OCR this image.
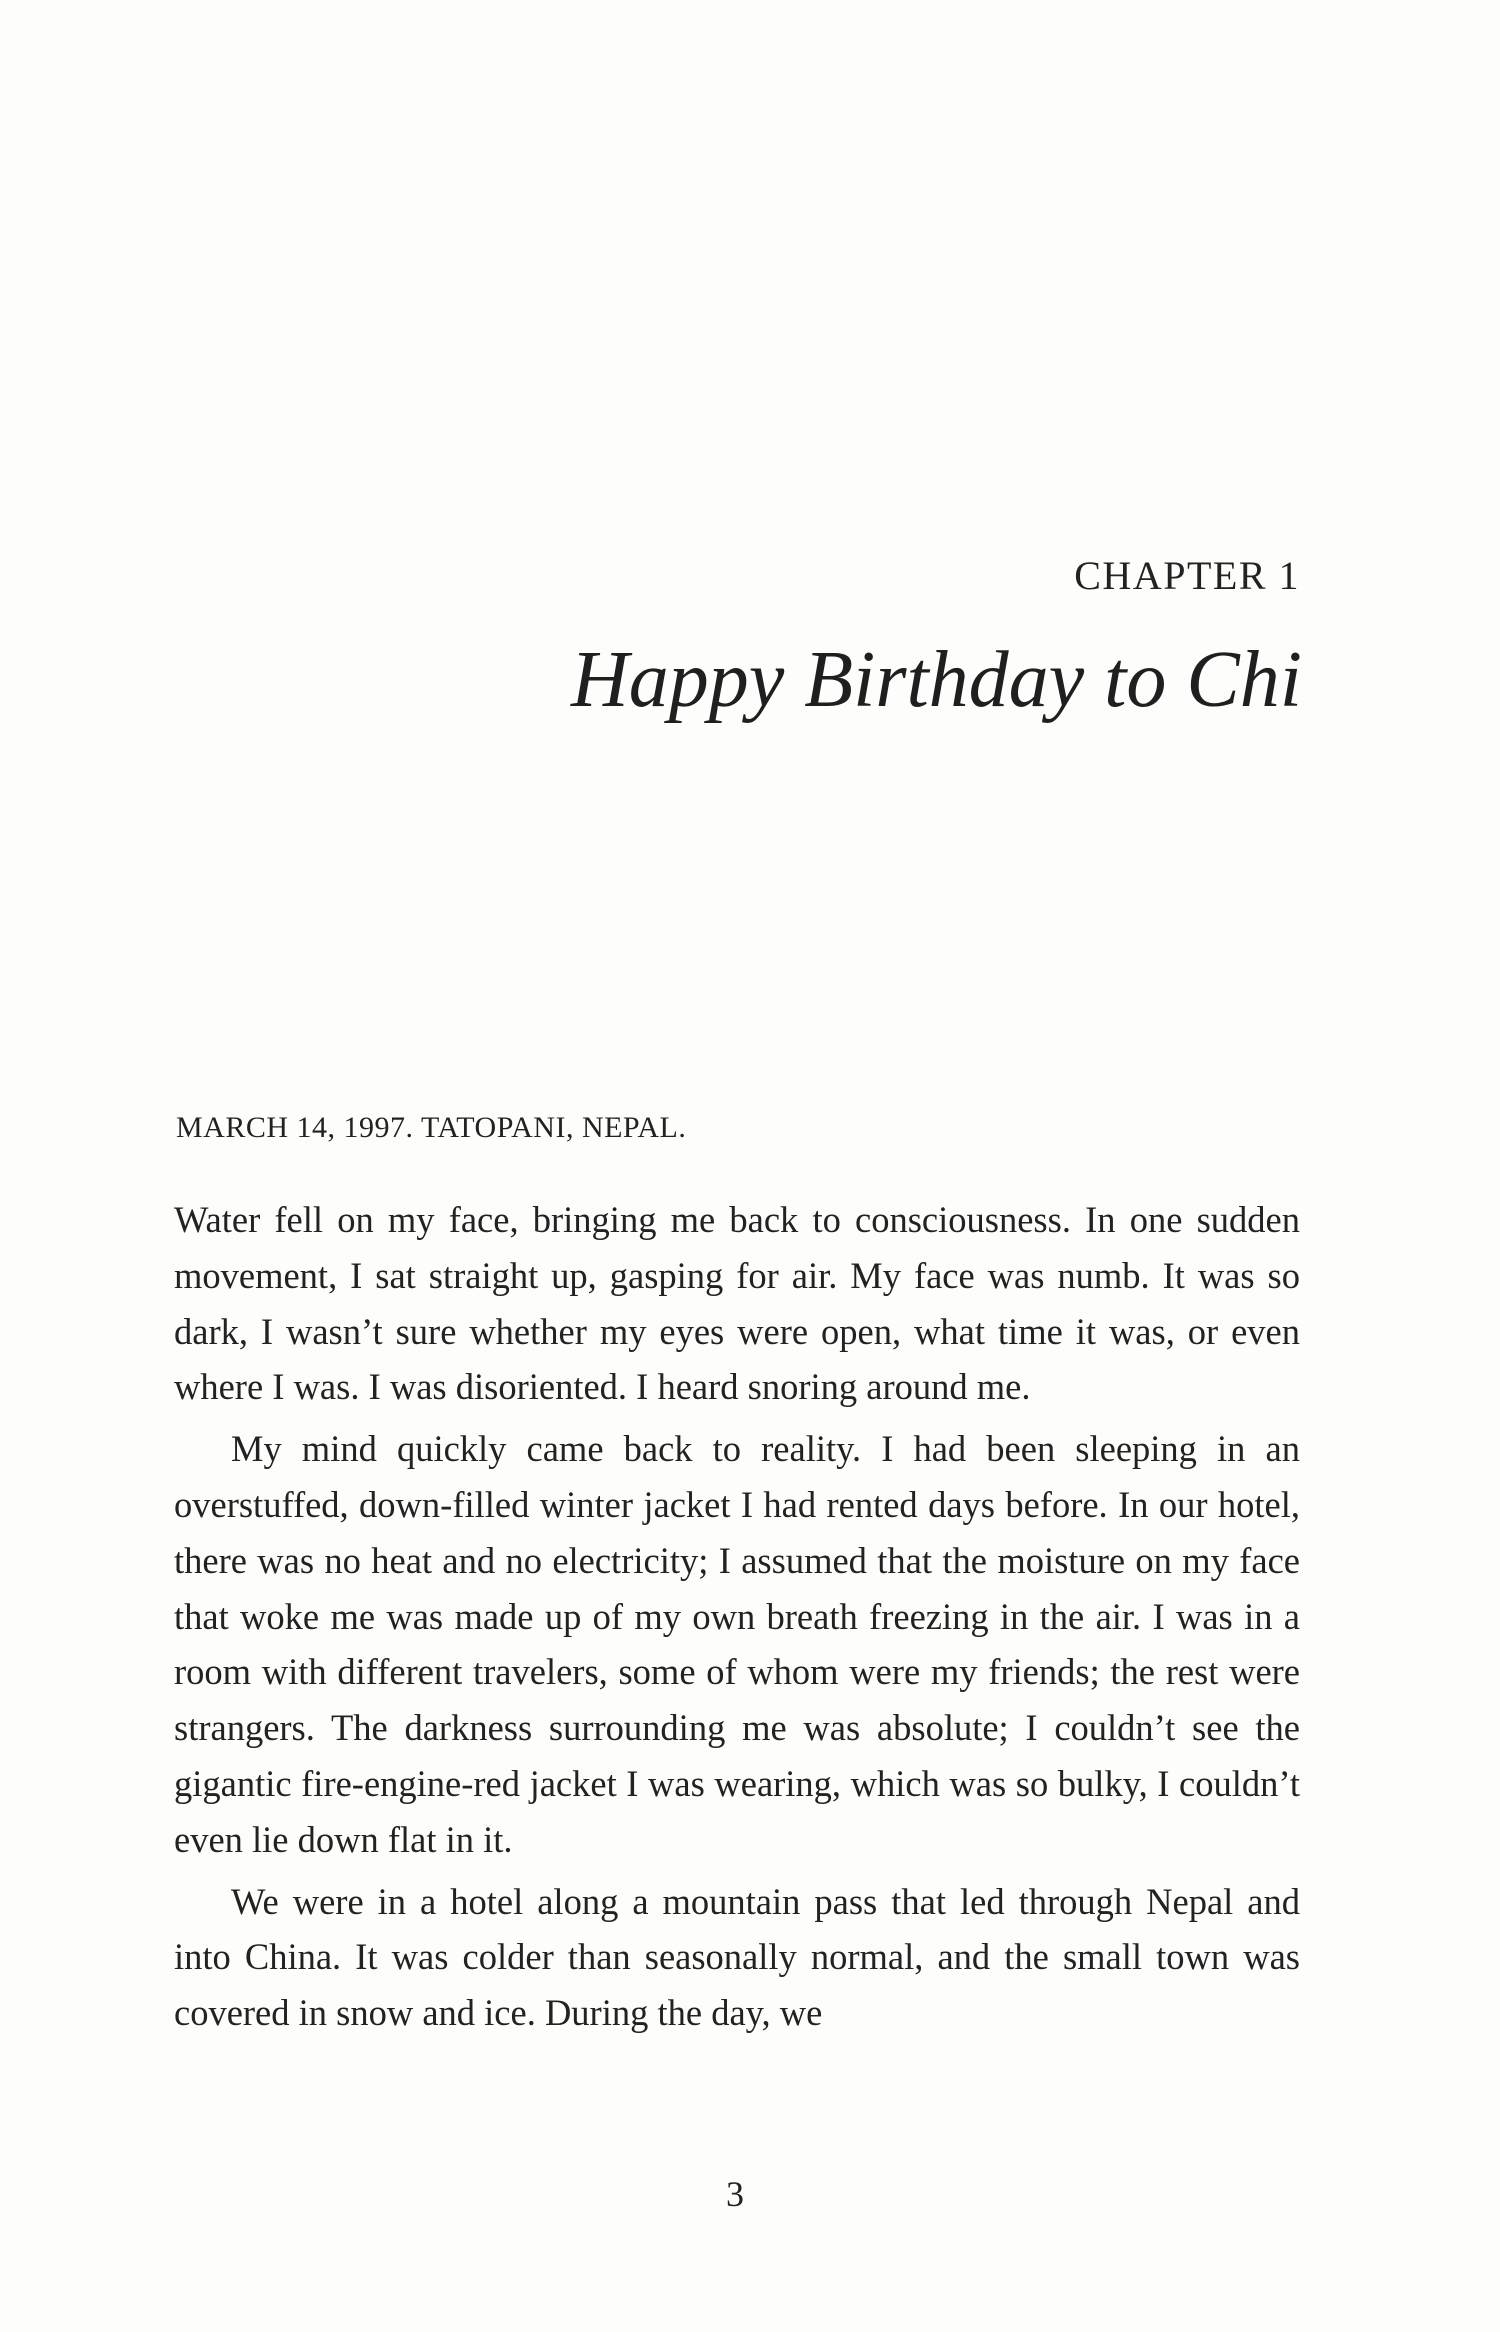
CHAPTER 1
Happy Birthday to Chi
MARCH 14, 1997. TATOPANI, NEPAL.

Water fell on my face, bringing me back to consciousness. In one sudden movement, I sat straight up, gasping for air. My face was numb. It was so dark, I wasn’t sure whether my eyes were open, what time it was, or even where I was. I was disoriented. I heard snoring around me.

My mind quickly came back to reality. I had been sleeping in an overstuffed, down-filled winter jacket I had rented days before. In our hotel, there was no heat and no electricity; I assumed that the moisture on my face that woke me was made up of my own breath freezing in the air. I was in a room with different travelers, some of whom were my friends; the rest were strangers. The darkness surrounding me was absolute; I couldn’t see the gigantic fire-engine-red jacket I was wearing, which was so bulky, I couldn’t even lie down flat in it.

We were in a hotel along a mountain pass that led through Nepal and into China. It was colder than seasonally normal, and the small town was covered in snow and ice. During the day, we

3
